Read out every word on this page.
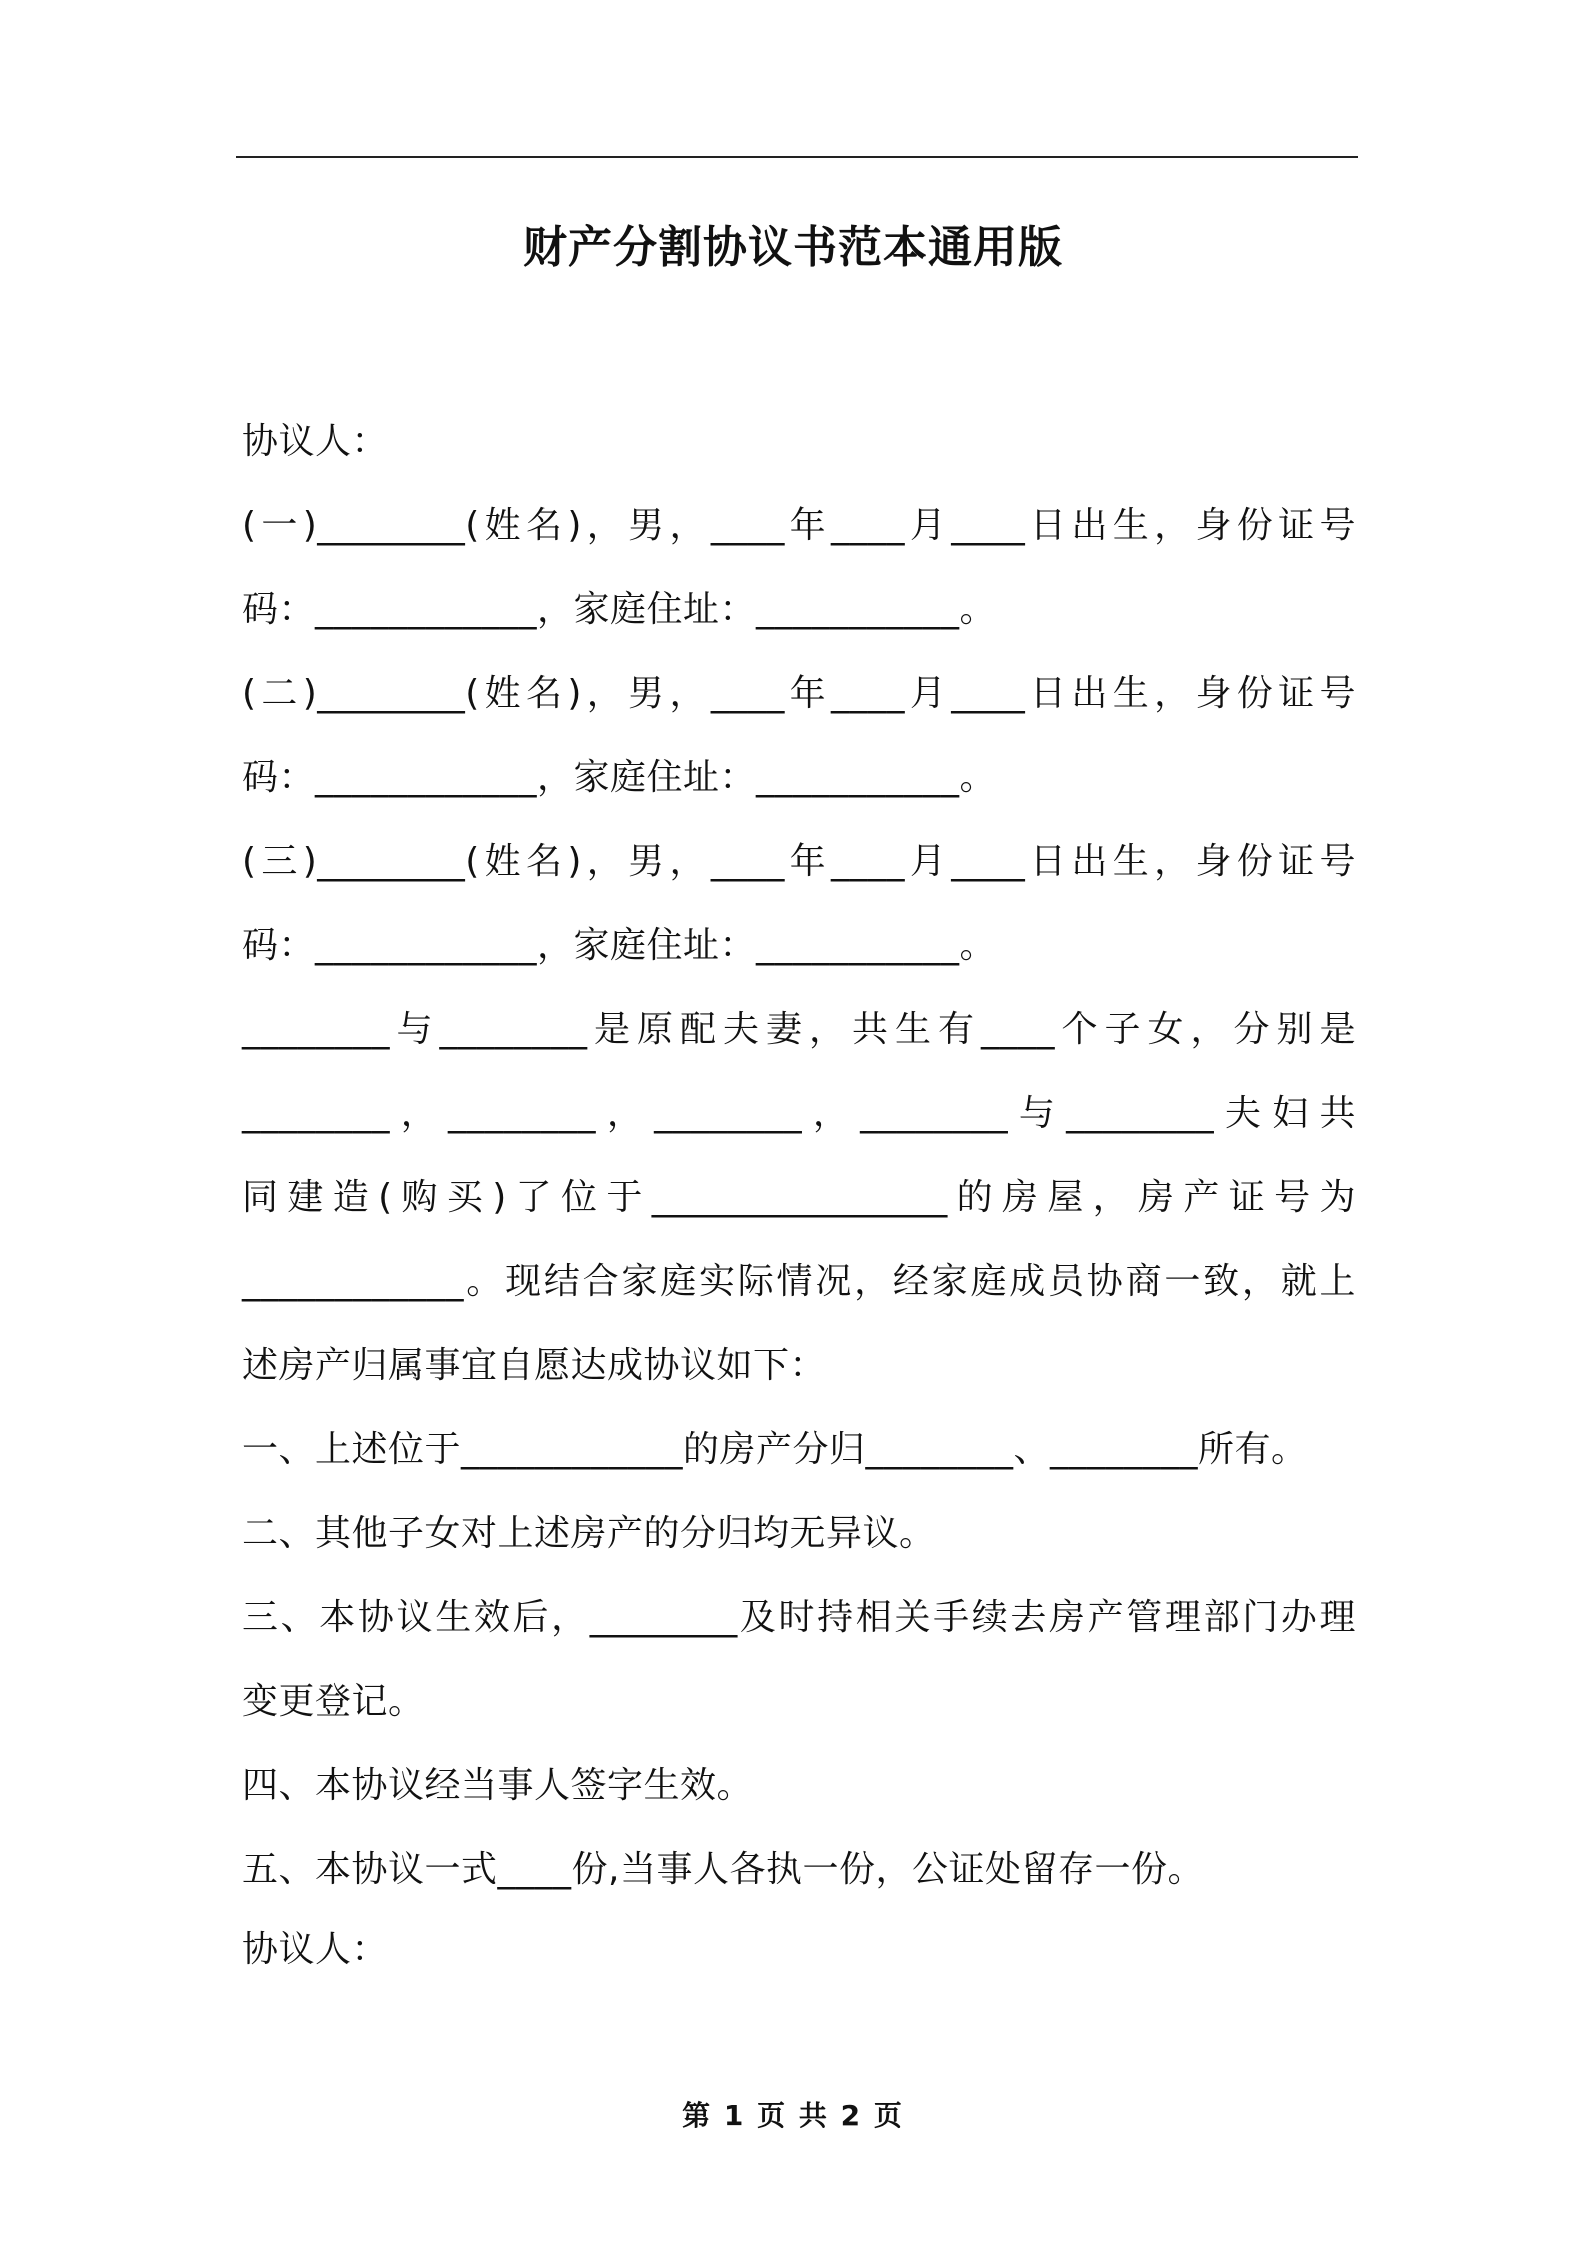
财产分割协议书范本通用版
协议人：
(一)________(姓名)，男，____年____月____日出生，身份证号
码：____________，家庭住址：___________。
(二)________(姓名)，男，____年____月____日出生，身份证号
码：____________，家庭住址：___________。
(三)________(姓名)，男，____年____月____日出生，身份证号
码：____________，家庭住址：___________。
________与________是原配夫妻，共生有____个子女，分别是
________，________，________，________与________夫妇共
同建造(购买)了位于________________的房屋，房产证号为
____________。现结合家庭实际情况，经家庭成员协商一致，就上
述房产归属事宜自愿达成协议如下：
一、上述位于____________的房产分归________、________所有。
二、其他子女对上述房产的分归均无异议。
三、本协议生效后，________及时持相关手续去房产管理部门办理
变更登记。
四、本协议经当事人签字生效。
五、本协议一式____份,当事人各执一份，公证处留存一份。
协议人：
第 1 页 共 2 页
